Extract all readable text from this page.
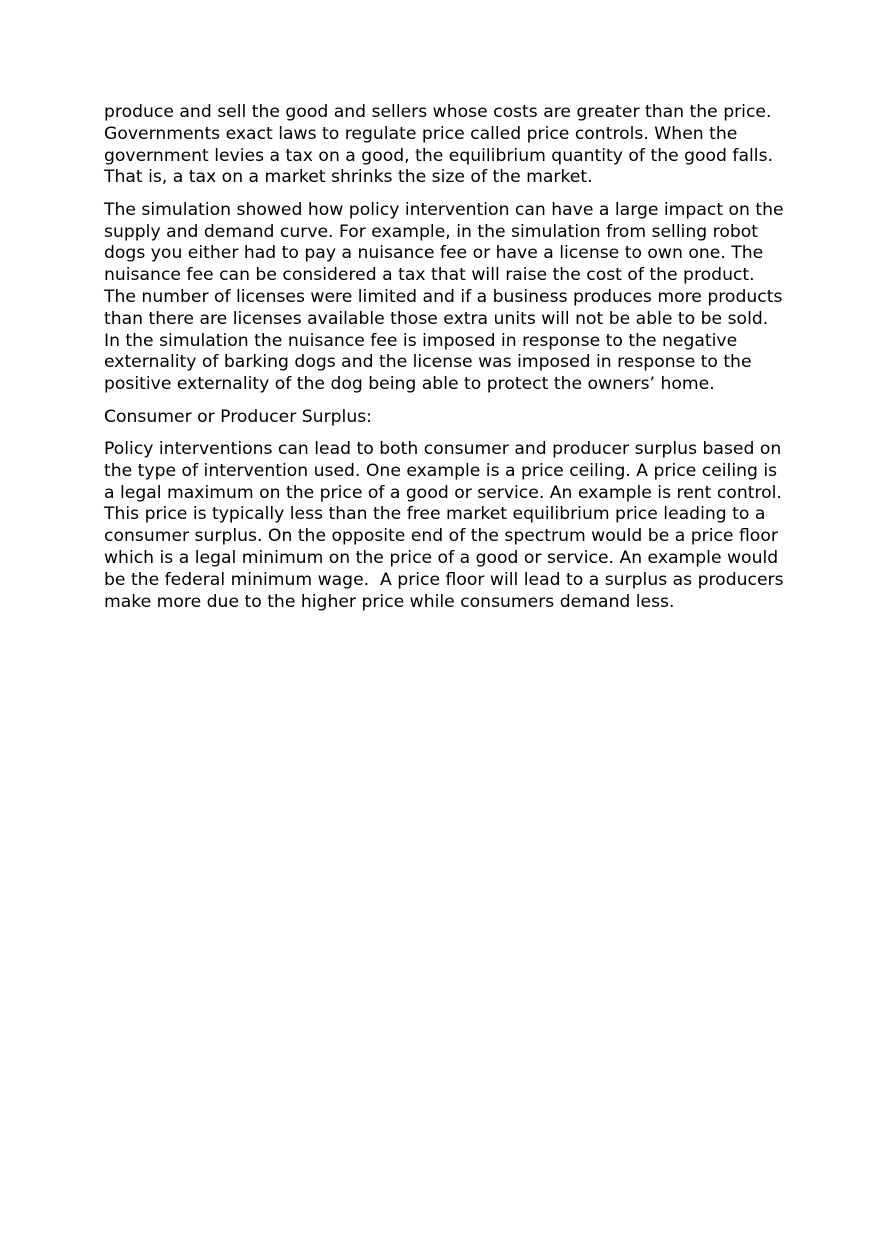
produce and sell the good and sellers whose costs are greater than the price. Governments exact laws to regulate price called price controls. When the government levies a tax on a good, the equilibrium quantity of the good falls. That is, a tax on a market shrinks the size of the market.

The simulation showed how policy intervention can have a large impact on the supply and demand curve. For example, in the simulation from selling robot dogs you either had to pay a nuisance fee or have a license to own one. The nuisance fee can be considered a tax that will raise the cost of the product. The number of licenses were limited and if a business produces more products than there are licenses available those extra units will not be able to be sold. In the simulation the nuisance fee is imposed in response to the negative externality of barking dogs and the license was imposed in response to the positive externality of the dog being able to protect the owners’ home.

Consumer or Producer Surplus:

Policy interventions can lead to both consumer and producer surplus based on the type of intervention used. One example is a price ceiling. A price ceiling is a legal maximum on the price of a good or service. An example is rent control. This price is typically less than the free market equilibrium price leading to a consumer surplus. On the opposite end of the spectrum would be a price floor which is a legal minimum on the price of a good or service. An example would be the federal minimum wage.  A price floor will lead to a surplus as producers make more due to the higher price while consumers demand less.
